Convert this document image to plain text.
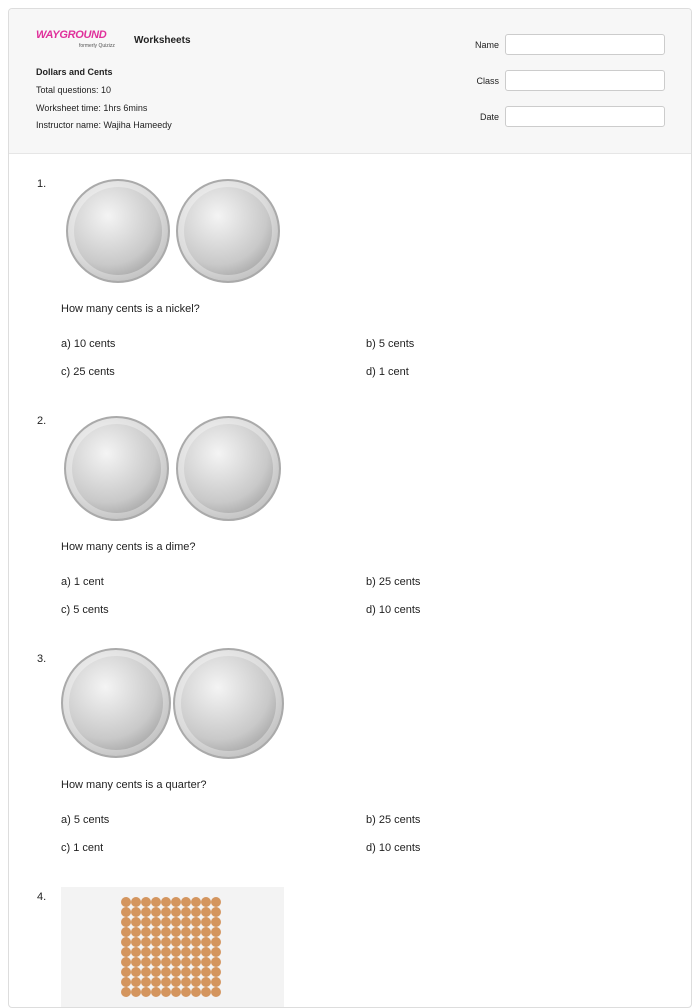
WAYGROUND
formerly Quizizz Worksheets
Dollars and Cents
Total questions: 10
Worksheet time: 1hrs 6mins
Instructor name: Wajiha Hameedy
Name
Class
Date
1.
How many cents is a nickel?
a) 10 cents	b) 5 cents
c) 25 cents	d) 1 cent
2.
How many cents is a dime?
a) 1 cent	b) 25 cents
c) 5 cents	d) 10 cents
3.
How many cents is a quarter?
a) 5 cents	b) 25 cents
c) 1 cent	d) 10 cents
4.
